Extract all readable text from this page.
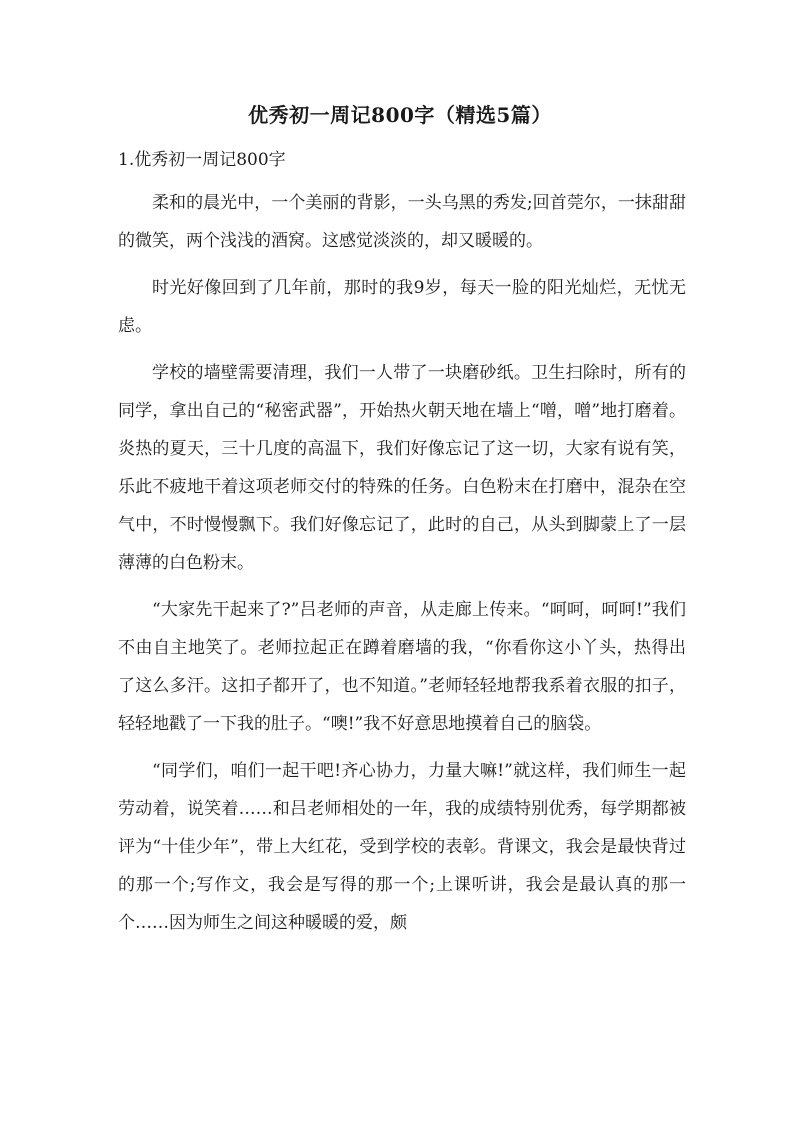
优秀初一周记800字（精选5篇）
1.优秀初一周记800字

柔和的晨光中，一个美丽的背影，一头乌黑的秀发;回首莞尔，一抹甜甜的微笑，两个浅浅的酒窝。这感觉淡淡的，却又暖暖的。

时光好像回到了几年前，那时的我9岁，每天一脸的阳光灿烂，无忧无虑。

学校的墙壁需要清理，我们一人带了一块磨砂纸。卫生扫除时，所有的同学，拿出自己的“秘密武器”，开始热火朝天地在墙上“噌，噌”地打磨着。炎热的夏天，三十几度的高温下，我们好像忘记了这一切，大家有说有笑，乐此不疲地干着这项老师交付的特殊的任务。白色粉末在打磨中，混杂在空气中，不时慢慢飘下。我们好像忘记了，此时的自己，从头到脚蒙上了一层薄薄的白色粉末。

“大家先干起来了?”吕老师的声音，从走廊上传来。“呵呵，呵呵!”我们不由自主地笑了。老师拉起正在蹲着磨墙的我，“你看你这小丫头，热得出了这么多汗。这扣子都开了，也不知道。”老师轻轻地帮我系着衣服的扣子，轻轻地戳了一下我的肚子。“噢!”我不好意思地摸着自己的脑袋。

“同学们，咱们一起干吧!齐心协力，力量大嘛!”就这样，我们师生一起劳动着，说笑着……和吕老师相处的一年，我的成绩特别优秀，每学期都被评为“十佳少年”，带上大红花，受到学校的表彰。背课文，我会是最快背过的那一个;写作文，我会是写得的那一个;上课听讲，我会是最认真的那一个……因为师生之间这种暖暖的爱，颇
